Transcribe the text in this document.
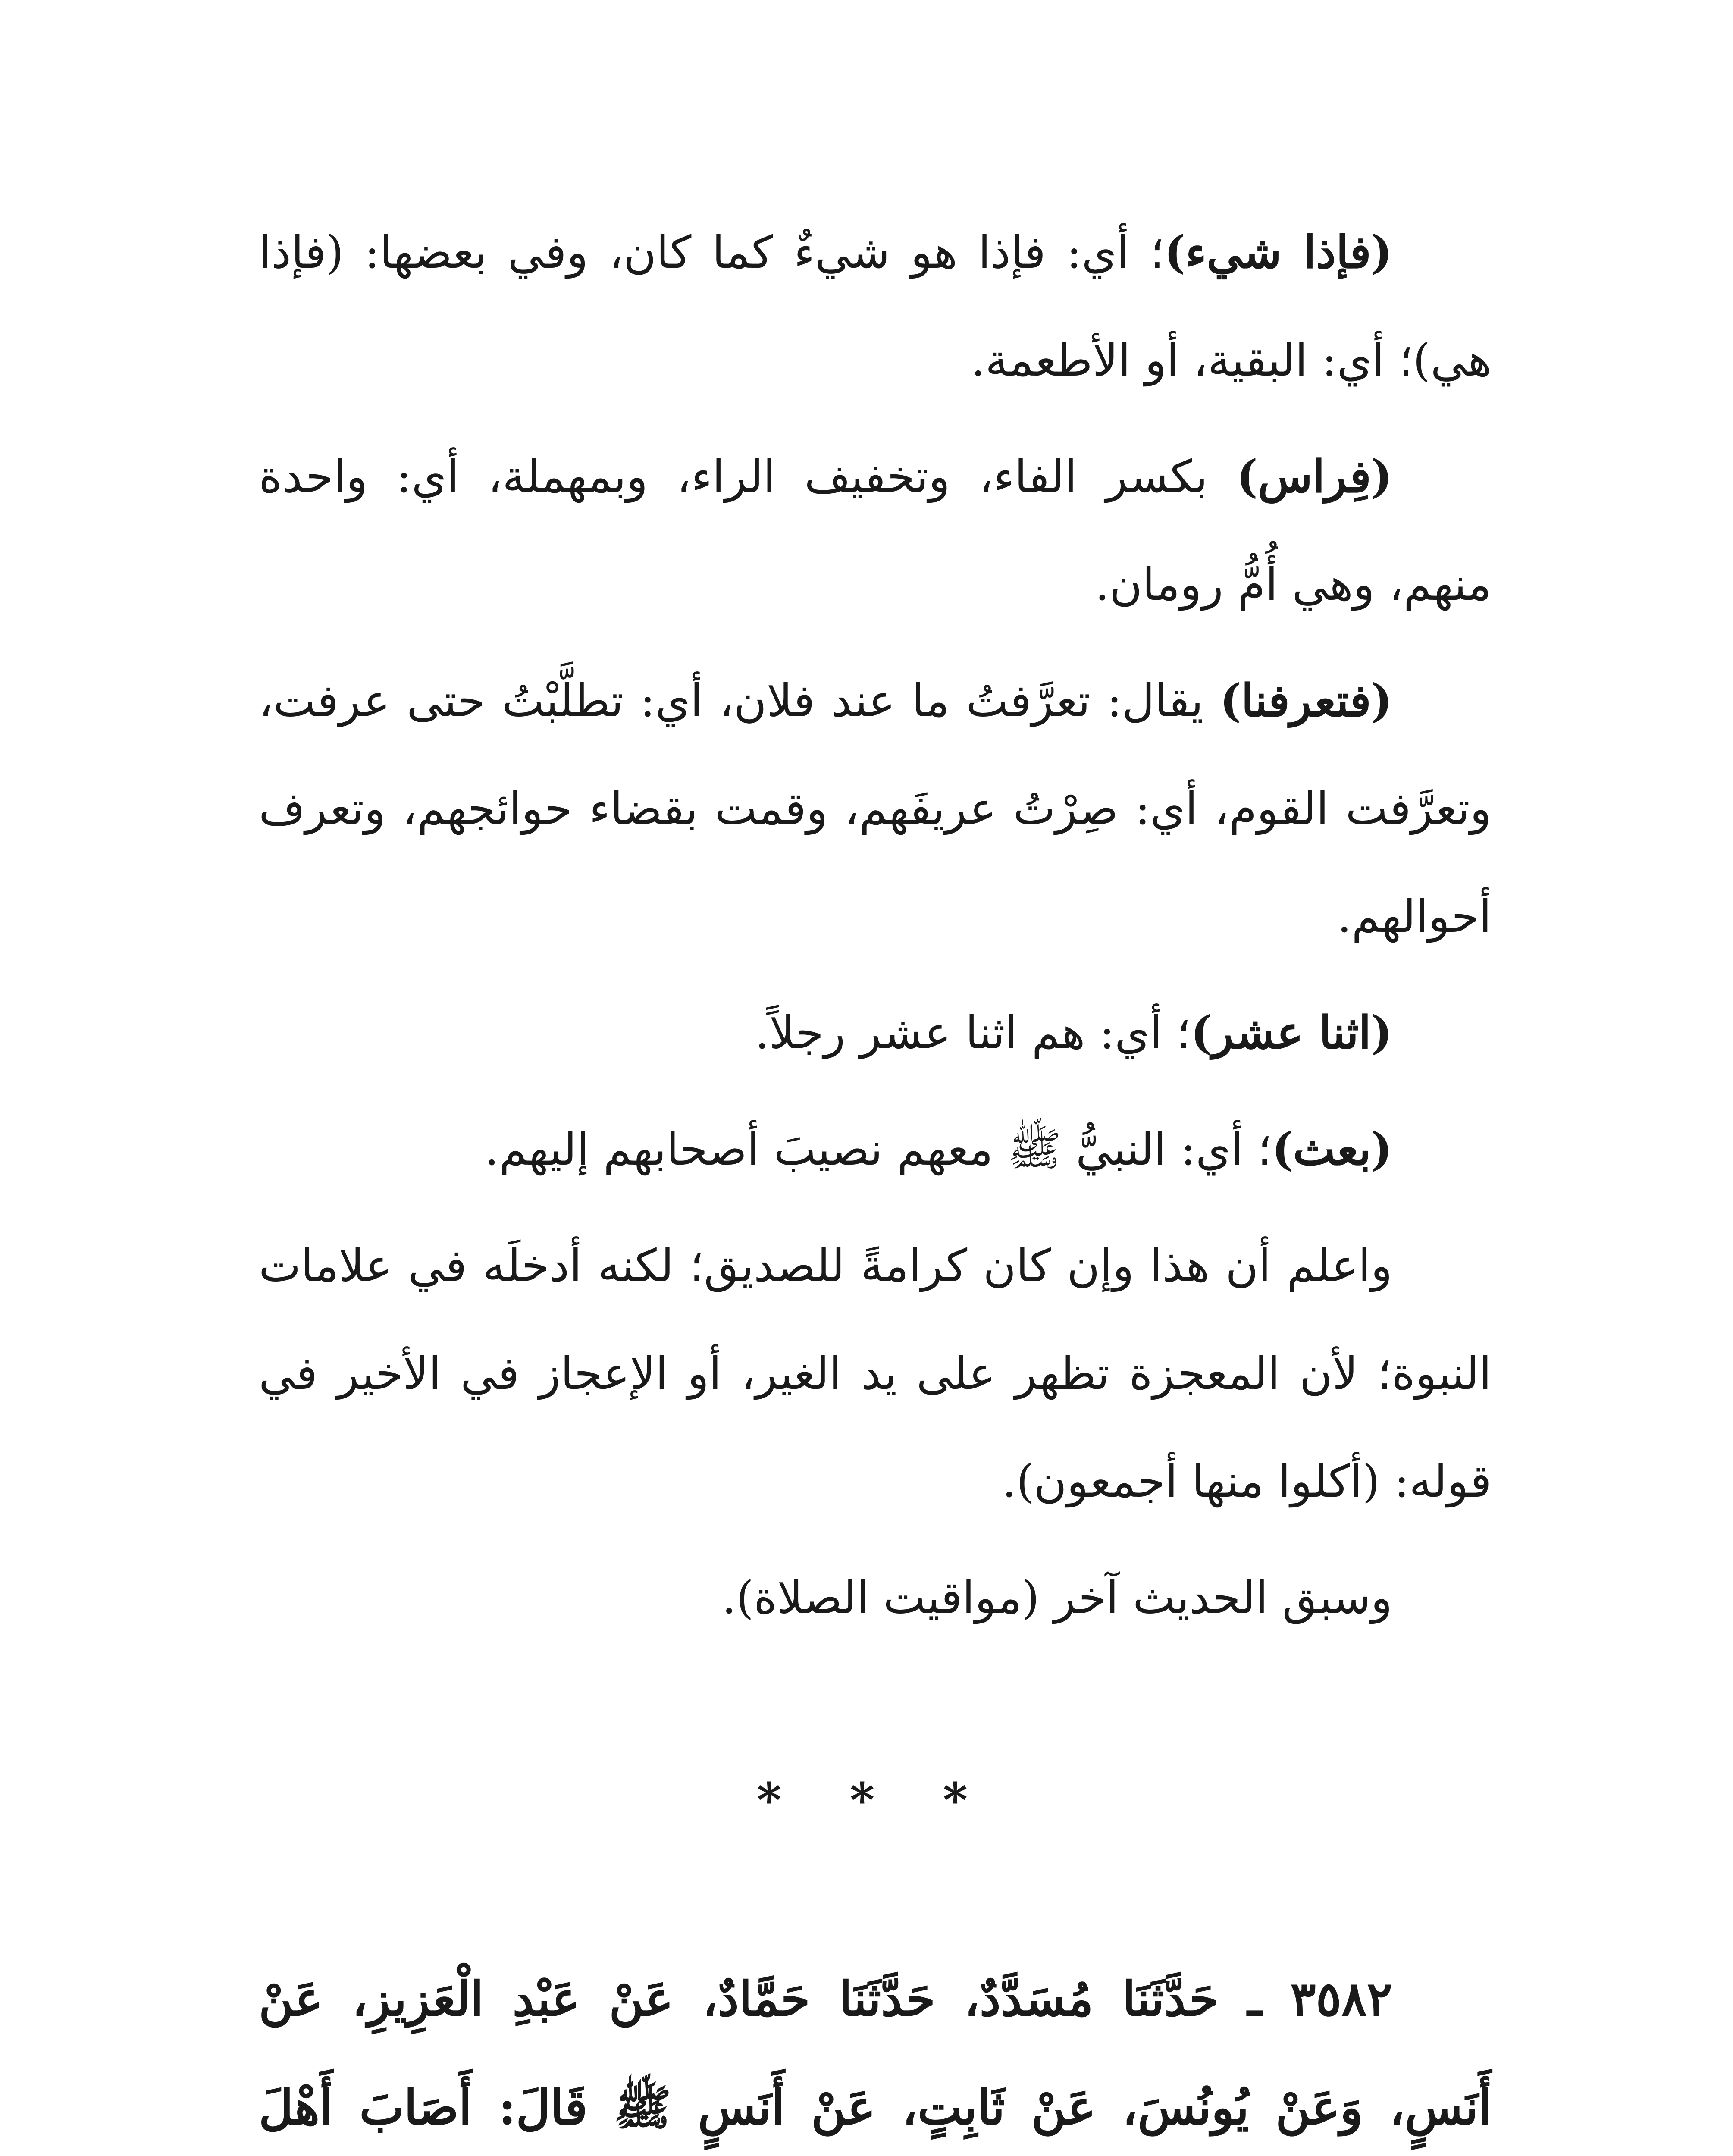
(فإذا شيء)؛ أي: فإذا هو شيءٌ كما كان، وفي بعضها: (فإذا هي)؛ أي: البقية، أو الأطعمة.

(فِراس) بكسر الفاء، وتخفيف الراء، وبمهملة، أي: واحدة منهم، وهي أُمُّ رومان.

(فتعرفنا) يقال: تعرَّفتُ ما عند فلان، أي: تطلَّبْتُ حتى عرفت، وتعرَّفت القوم، أي: صِرْتُ عريفَهم، وقمت بقضاء حوائجهم، وتعرف أحوالهم.

(اثنا عشر)؛ أي: هم اثنا عشر رجلاً.

(بعث)؛ أي: النبيُّ ﷺ معهم نصيبَ أصحابهم إليهم.

واعلم أن هذا وإن كان كرامةً للصديق؛ لكنه أدخلَه في علامات النبوة؛ لأن المعجزة تظهر على يد الغير، أو الإعجاز في الأخير في قوله: (أكلوا منها أجمعون).

وسبق الحديث آخر (مواقيت الصلاة).

* * *

٣٥٨٢ ـ حَدَّثَنَا مُسَدَّدٌ، حَدَّثَنَا حَمَّادٌ، عَنْ عَبْدِ الْعَزِيزِ، عَنْ أَنَسٍ، وَعَنْ يُونُسَ، عَنْ ثَابِتٍ، عَنْ أَنَسٍ ﷺ قَالَ: أَصَابَ أَهْلَ
